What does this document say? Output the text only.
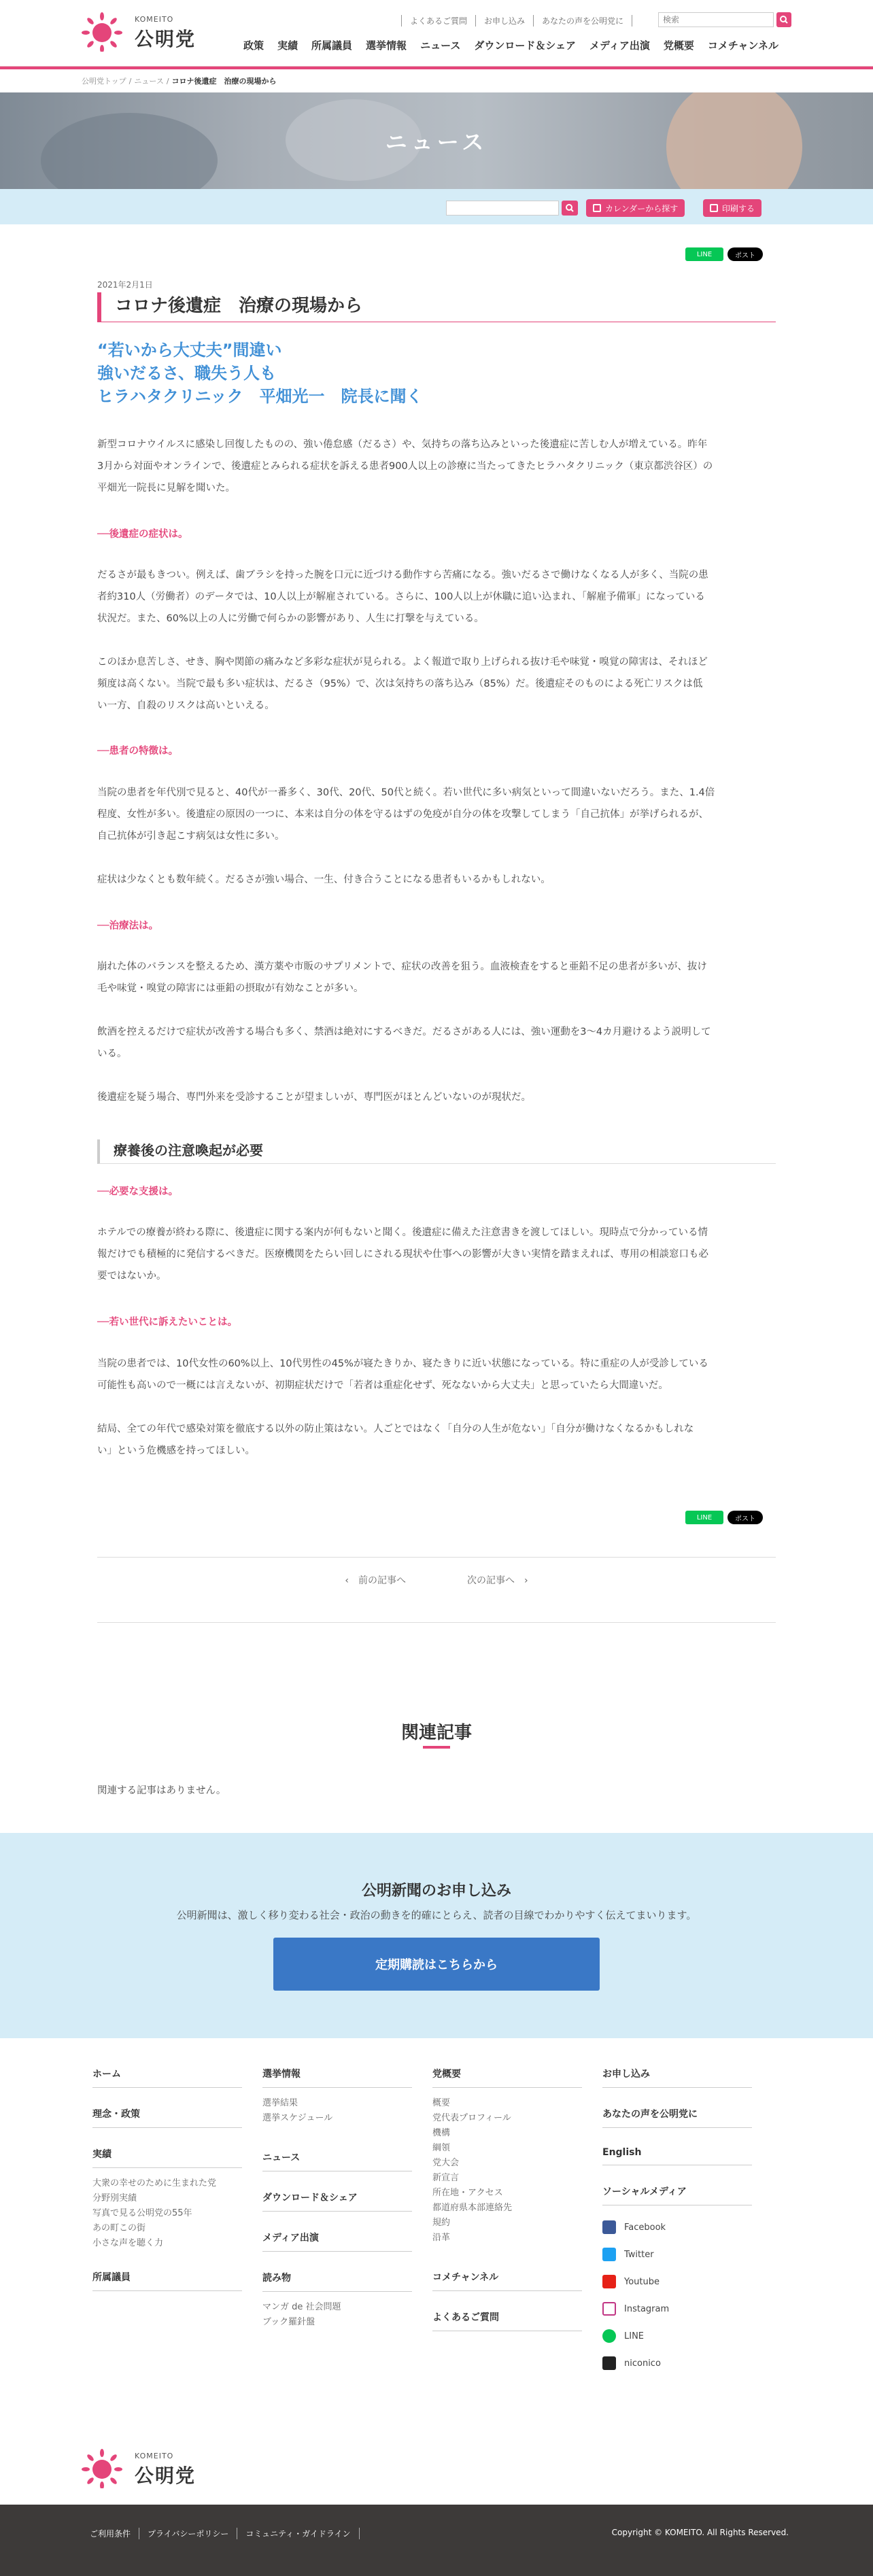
KOMEITO
公明党
よくあるご質問	お申し込み	あなたの声を公明党に
検索
政策 実績 所属議員 選挙情報 ニュース ダウンロード＆シェア メディア出演 党概要 コメチャンネル
公明党トップ / ニュース / コロナ後遺症　治療の現場から
ニュース
カレンダーから探す	印刷する
LINE	ポスト
2021年2月1日
コロナ後遺症　治療の現場から
“若いから大丈夫”間違い
強いだるさ、職失う人も
ヒラハタクリニック　平畑光一　院長に聞く
新型コロナウイルスに感染し回復したものの、強い倦怠感（だるさ）や、気持ちの落ち込みといった後遺症に苦しむ人が増えている。昨年
3月から対面やオンラインで、後遺症とみられる症状を訴える患者900人以上の診療に当たってきたヒラハタクリニック（東京都渋谷区）の
平畑光一院長に見解を聞いた。
──後遺症の症状は。
だるさが最もきつい。例えば、歯ブラシを持った腕を口元に近づける動作すら苦痛になる。強いだるさで働けなくなる人が多く、当院の患
者約310人（労働者）のデータでは、10人以上が解雇されている。さらに、100人以上が休職に追い込まれ、「解雇予備軍」になっている
状況だ。また、60%以上の人に労働で何らかの影響があり、人生に打撃を与えている。
このほか息苦しさ、せき、胸や関節の痛みなど多彩な症状が見られる。よく報道で取り上げられる抜け毛や味覚・嗅覚の障害は、それほど
頻度は高くない。当院で最も多い症状は、だるさ（95%）で、次は気持ちの落ち込み（85%）だ。後遺症そのものによる死亡リスクは低
い一方、自殺のリスクは高いといえる。
──患者の特徴は。
当院の患者を年代別で見ると、40代が一番多く、30代、20代、50代と続く。若い世代に多い病気といって間違いないだろう。また、1.4倍
程度、女性が多い。後遺症の原因の一つに、本来は自分の体を守るはずの免疫が自分の体を攻撃してしまう「自己抗体」が挙げられるが、
自己抗体が引き起こす病気は女性に多い。
症状は少なくとも数年続く。だるさが強い場合、一生、付き合うことになる患者もいるかもしれない。
──治療法は。
崩れた体のバランスを整えるため、漢方薬や市販のサプリメントで、症状の改善を狙う。血液検査をすると亜鉛不足の患者が多いが、抜け
毛や味覚・嗅覚の障害には亜鉛の摂取が有効なことが多い。
飲酒を控えるだけで症状が改善する場合も多く、禁酒は絶対にするべきだ。だるさがある人には、強い運動を3〜4カ月避けるよう説明して
いる。
後遺症を疑う場合、専門外来を受診することが望ましいが、専門医がほとんどいないのが現状だ。
療養後の注意喚起が必要
──必要な支援は。
ホテルでの療養が終わる際に、後遺症に関する案内が何もないと聞く。後遺症に備えた注意書きを渡してほしい。現時点で分かっている情
報だけでも積極的に発信するべきだ。医療機関をたらい回しにされる現状や仕事への影響が大きい実情を踏まえれば、専用の相談窓口も必
要ではないか。
──若い世代に訴えたいことは。
当院の患者では、10代女性の60%以上、10代男性の45%が寝たきりか、寝たきりに近い状態になっている。特に重症の人が受診している
可能性も高いので一概には言えないが、初期症状だけで「若者は重症化せず、死なないから大丈夫」と思っていたら大間違いだ。
結局、全ての年代で感染対策を徹底する以外の防止策はない。人ごとではなく「自分の人生が危ない」「自分が働けなくなるかもしれな
い」という危機感を持ってほしい。
LINE	ポスト
‹　前の記事へ	次の記事へ　›
関連記事
関連する記事はありません。
公明新聞のお申し込み

公明新聞は、激しく移り変わる社会・政治の動きを的確にとらえ、読者の目線でわかりやすく伝えてまいります。

定期購読はこちらから
ホーム
理念・政策
実績
大衆の幸せのために生まれた党
分野別実績
写真で見る公明党の55年
あの町この街
小さな声を聴く力
所属議員
選挙情報
選挙結果
選挙スケジュール
ニュース
ダウンロード＆シェア
メディア出演
読み物
マンガ de 社会問題
ブック羅針盤
党概要
概要
党代表プロフィール
機構
綱領
党大会
新宣言
所在地・アクセス
都道府県本部連絡先
規約
沿革
コメチャンネル
よくあるご質問
お申し込み
あなたの声を公明党に
English
ソーシャルメディア
Facebook
Twitter
Youtube
Instagram
LINE
niconico
KOMEITO
公明党
ご利用条件	プライバシーポリシー	コミュニティ・ガイドライン	Copyright © KOMEITO. All Rights Reserved.
